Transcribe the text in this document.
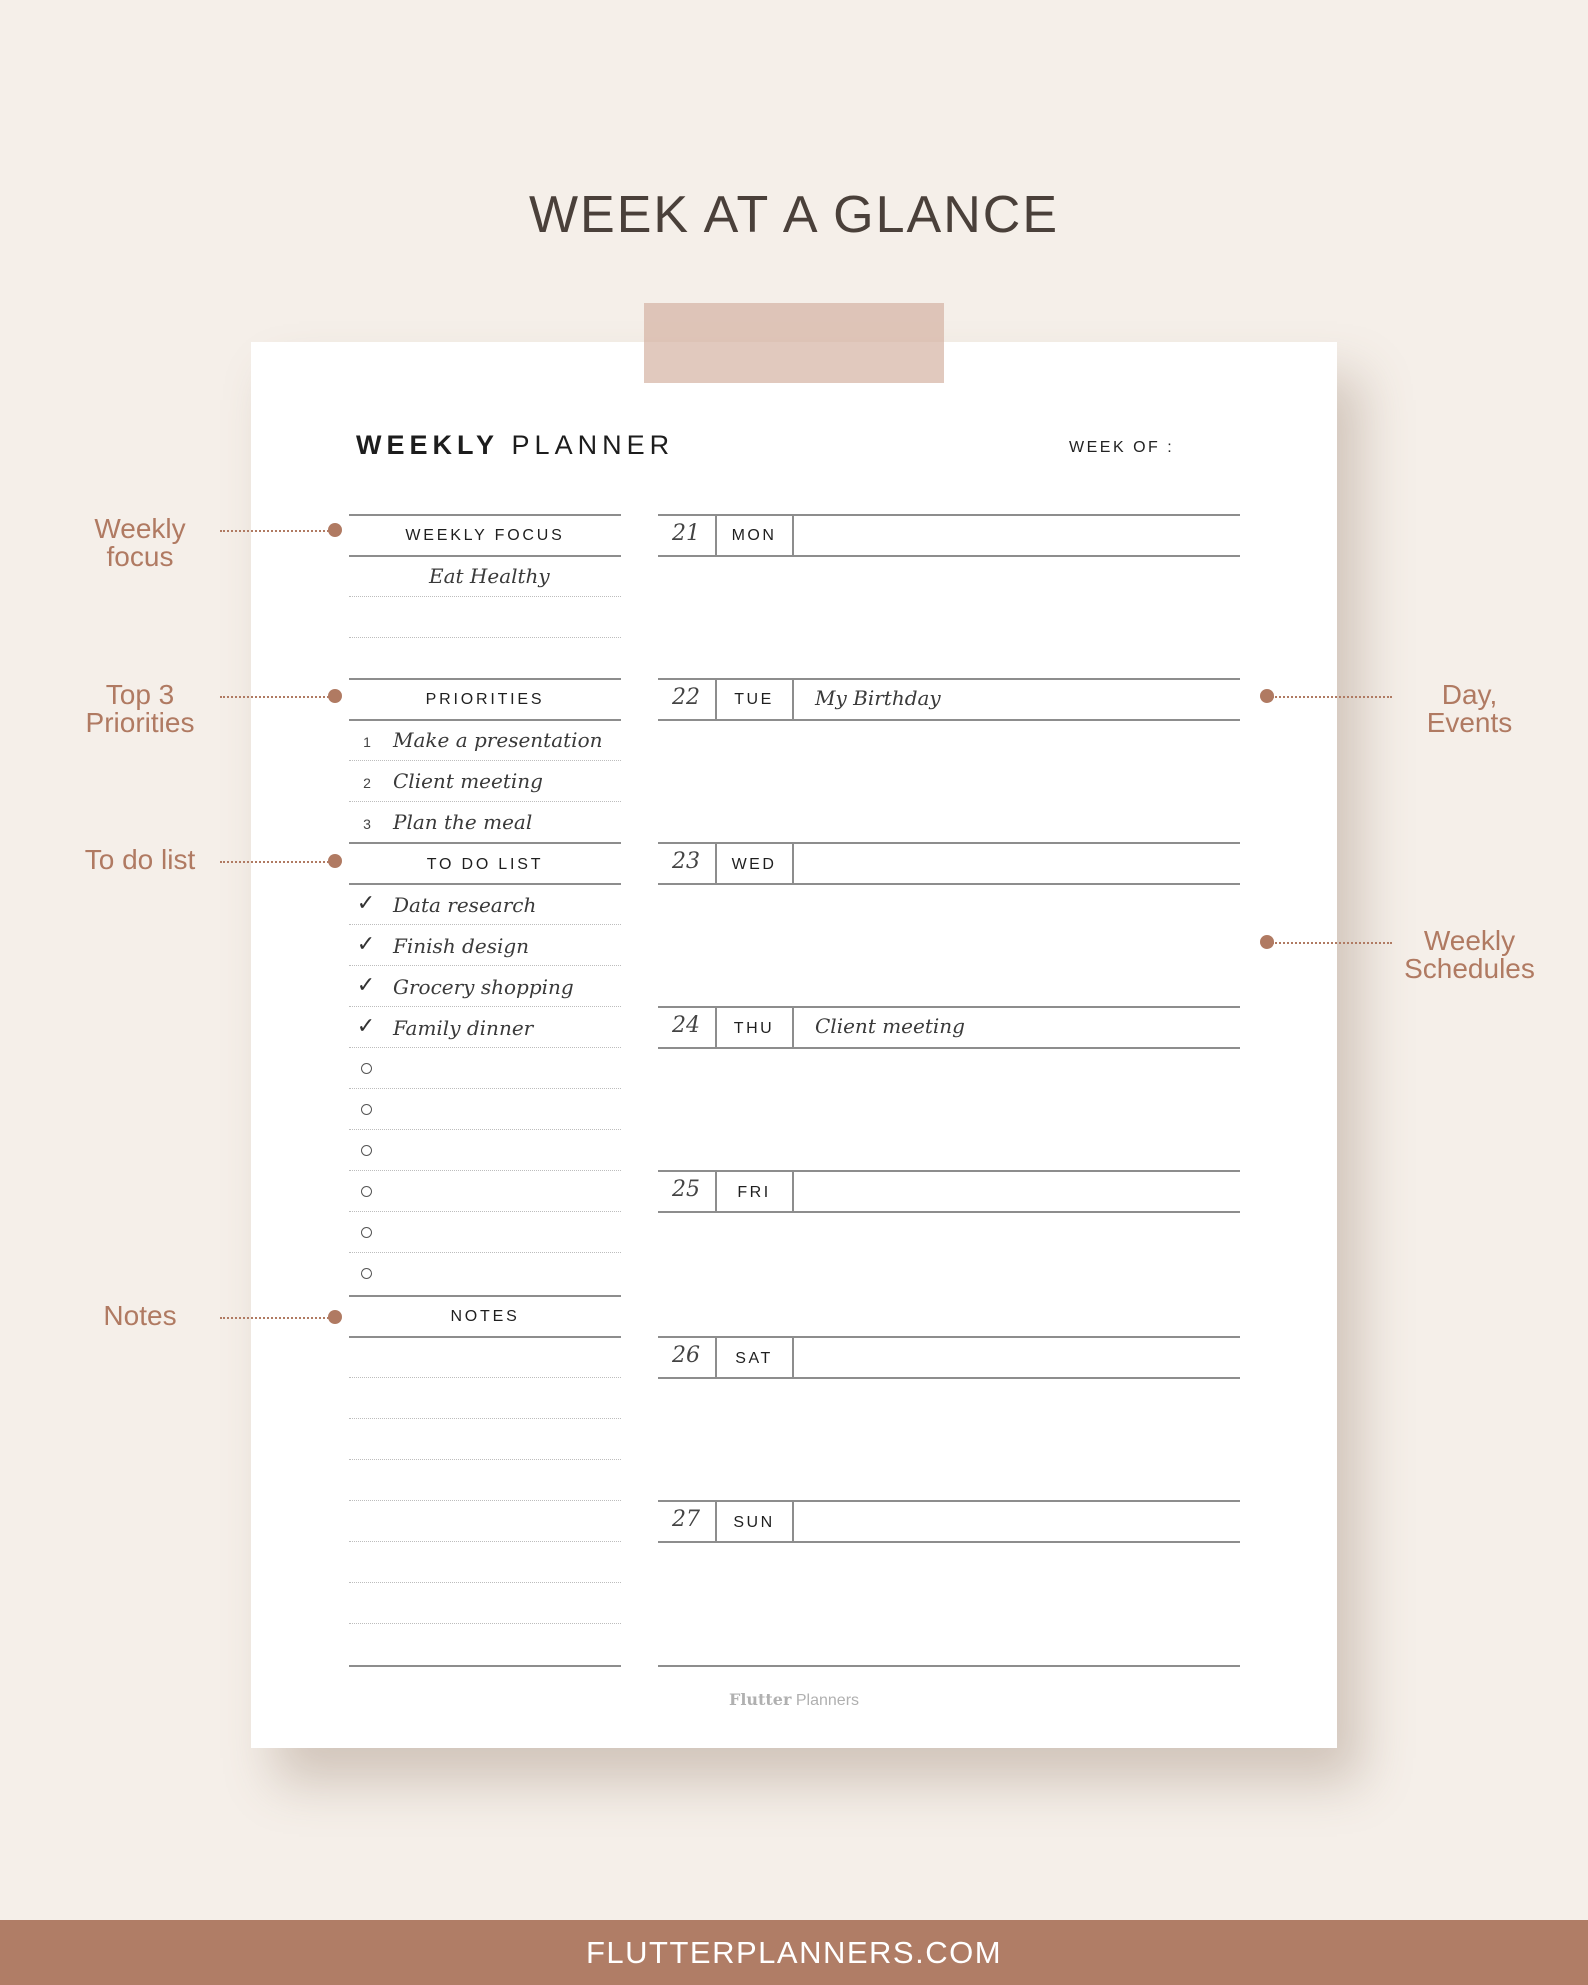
WEEK AT A GLANCE
WEEKLY PLANNER	WEEK OF :
WEEKLY FOCUS
Eat Healthy
PRIORITIES
1	Make a presentation
2	Client meeting
3	Plan the meal
TO DO LIST
✓ Data research
✓ Finish design
✓ Grocery shopping
✓ Family dinner
NOTES
21	MON
22	TUE	My Birthday
23	WED
24	THU	Client meeting
25	FRI
26	SAT
27	SUN
Flutter Planners
Weekly
focus
Top 3
Priorities
To do list
Notes
Day,
Events
Weekly
Schedules
FLUTTERPLANNERS.COM
